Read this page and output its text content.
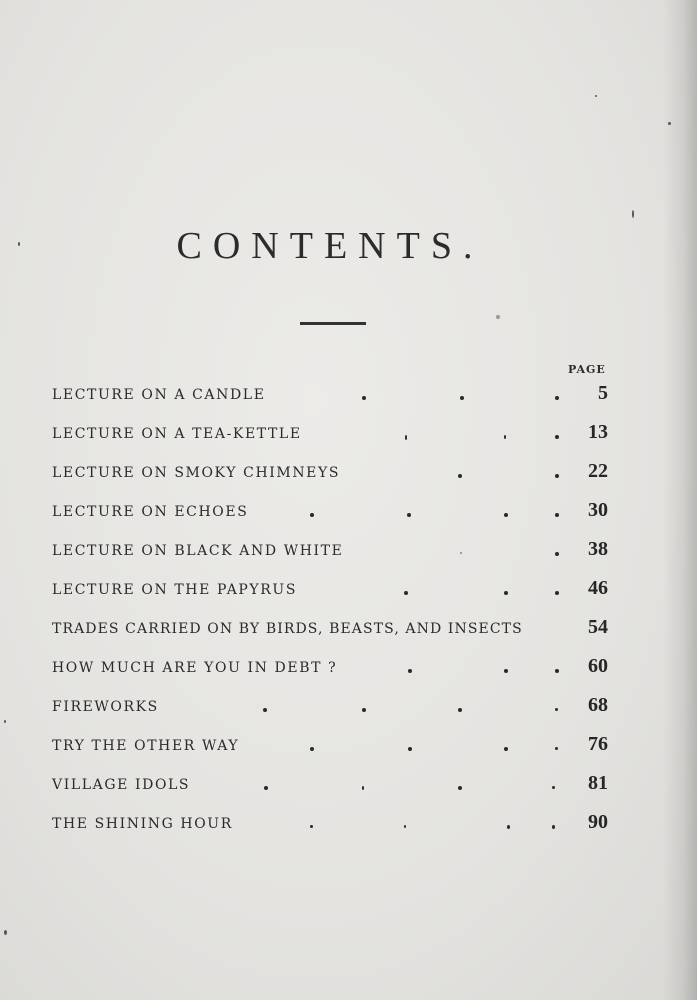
CONTENTS.
PAGE
LECTURE ON A CANDLE	5
LECTURE ON A TEA-KETTLE	13
LECTURE ON SMOKY CHIMNEYS	22
LECTURE ON ECHOES	30
LECTURE ON BLACK AND WHITE	38
LECTURE ON THE PAPYRUS	46
TRADES CARRIED ON BY BIRDS, BEASTS, AND INSECTS	54
HOW MUCH ARE YOU IN DEBT ?	60
FIREWORKS	68
TRY THE OTHER WAY	76
VILLAGE IDOLS	81
THE SHINING HOUR	90
